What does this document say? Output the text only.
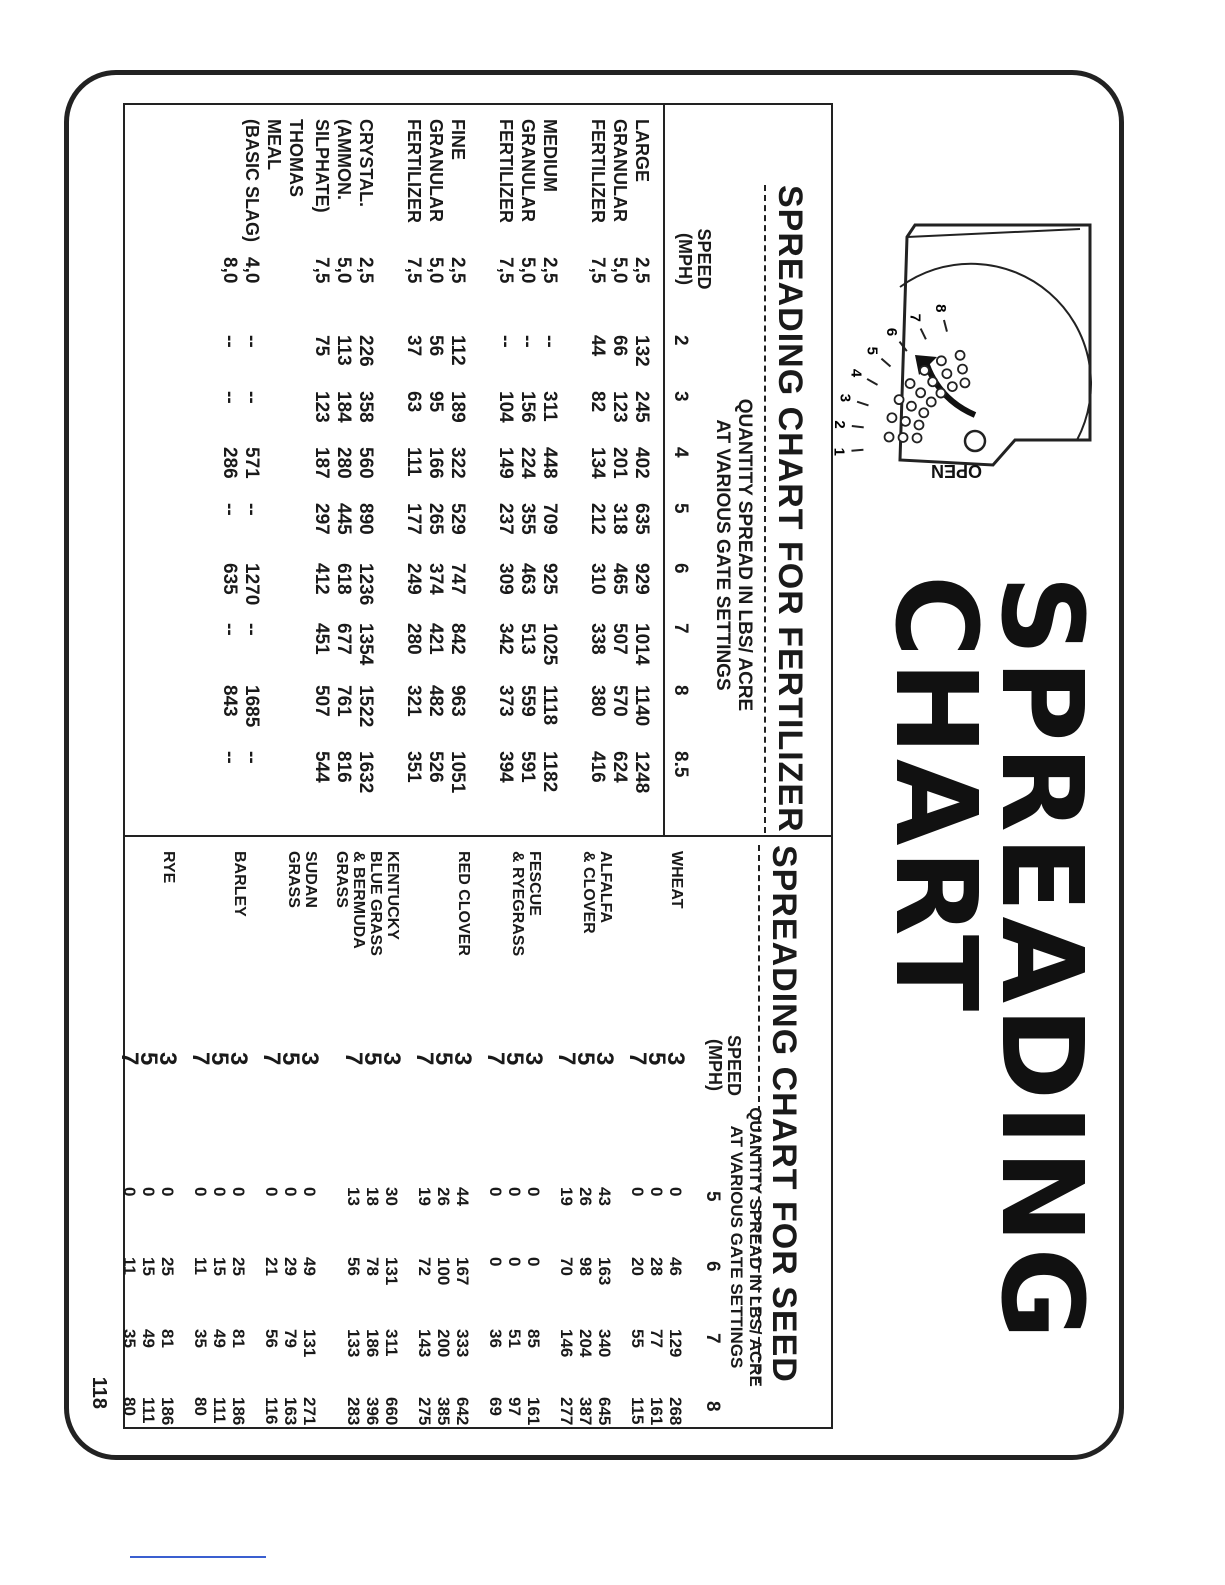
OPEN
1
2
3
4
5
6
7
8
SPREADING
CHART
SPREADING CHART FOR FERTILIZER
QUANTITY SPREAD IN LBS/ ACRE
AT VARIOUS GATE SETTINGS
SPEED
(MPH)
2
3
4
5
6
7
8
8.5
LARGE
GRANULAR
FERTILIZER
2,5
132
245
402
635
929
1014
1140
1248
5,0
66
123
201
318
465
507
570
624
7,5
44
82
134
212
310
338
380
416
MEDIUM
GRANULAR
FERTILIZER
2,5
--
311
448
709
925
1025
1118
1182
5,0
--
156
224
355
463
513
559
591
7,5
--
104
149
237
309
342
373
394
FINE
GRANULAR
FERTILIZER
2,5
112
189
322
529
747
842
963
1051
5,0
56
95
166
265
374
421
482
526
7,5
37
63
111
177
249
280
321
351
CRYSTAL.
(AMMON.
SILPHATE)
2,5
226
358
560
890
1236
1354
1522
1632
5,0
113
184
280
445
618
677
761
816
7,5
75
123
187
297
412
451
507
544
THOMAS
MEAL
(BASIC SLAG)
4,0
--
--
571
--
1270
--
1685
--
8,0
--
--
286
--
635
--
843
--
SPREADING CHART FOR SEED
QUANTITY SPREAD IN LBS/ ACRE
AT VARIOUS GATE SETTINGS
SPEED
(MPH)
5
6
7
8
WHEAT
3
0
46
129
268
5
0
28
77
161
7
0
20
55
115
ALFALFA
& CLOVER
3
43
163
340
645
5
26
98
204
387
7
19
70
146
277
FESCUE
& RYEGRASS
3
0
0
85
161
5
0
0
51
97
7
0
0
36
69
RED CLOVER
3
44
167
333
642
5
26
100
200
385
7
19
72
143
275
KENTUCKY
BLUE GRASS
& BERMUDA
GRASS
3
30
131
311
660
5
18
78
186
396
7
13
56
133
283
SUDAN
GRASS
3
0
49
131
271
5
0
29
79
163
7
0
21
56
116
BARLEY
3
0
25
81
186
5
0
15
49
111
7
0
11
35
80
RYE
3
0
25
81
186
5
0
15
49
111
7
0
11
35
80
118
